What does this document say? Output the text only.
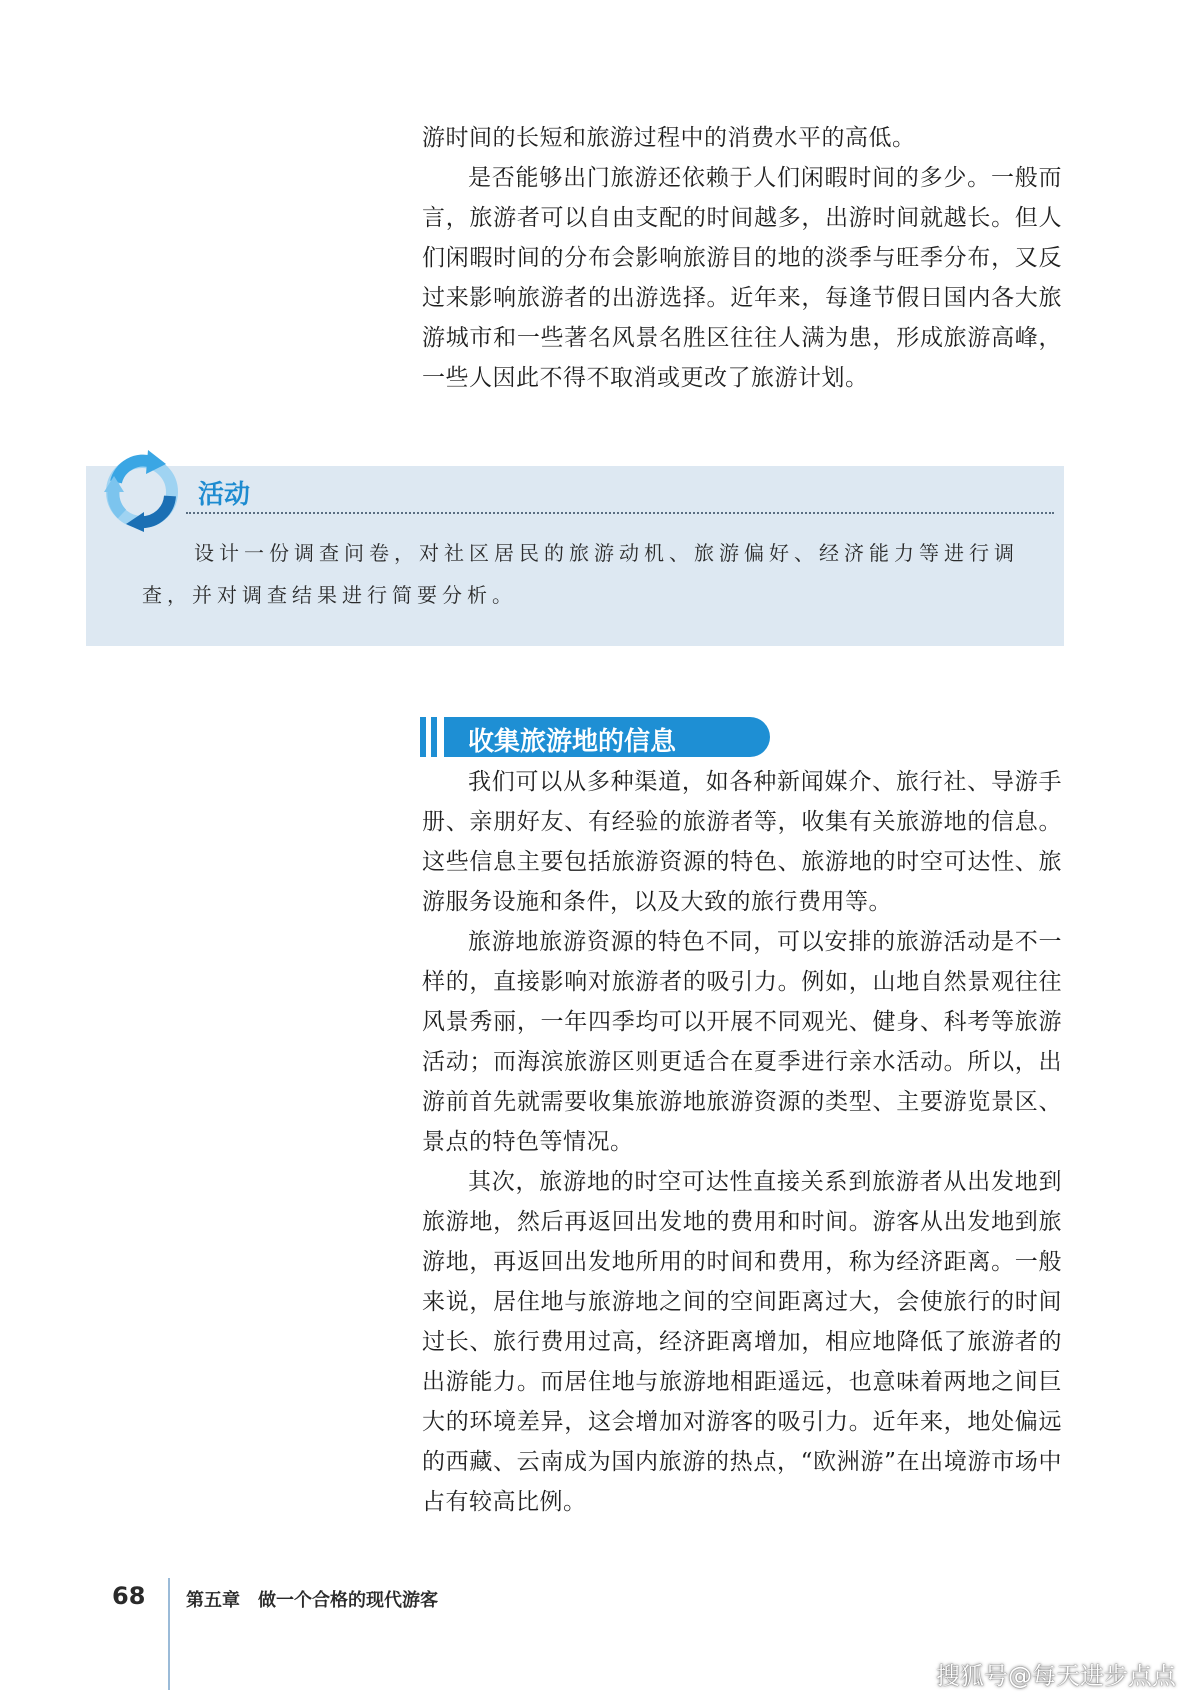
游时间的长短和旅游过程中的消费水平的高低。

是否能够出门旅游还依赖于人们闲暇时间的多少。一般而言，旅游者可以自由支配的时间越多，出游时间就越长。但人们闲暇时间的分布会影响旅游目的地的淡季与旺季分布，又反过来影响旅游者的出游选择。近年来，每逢节假日国内各大旅游城市和一些著名风景名胜区往往人满为患，形成旅游高峰，一些人因此不得不取消或更改了旅游计划。

活动

设计一份调查问卷，对社区居民的旅游动机、旅游偏好、经济能力等进行调查，并对调查结果进行简要分析。

收集旅游地的信息

我们可以从多种渠道，如各种新闻媒介、旅行社、导游手册、亲朋好友、有经验的旅游者等，收集有关旅游地的信息。这些信息主要包括旅游资源的特色、旅游地的时空可达性、旅游服务设施和条件，以及大致的旅行费用等。

旅游地旅游资源的特色不同，可以安排的旅游活动是不一样的，直接影响对旅游者的吸引力。例如，山地自然景观往往风景秀丽，一年四季均可以开展不同观光、健身、科考等旅游活动；而海滨旅游区则更适合在夏季进行亲水活动。所以，出游前首先就需要收集旅游地旅游资源的类型、主要游览景区、景点的特色等情况。

其次，旅游地的时空可达性直接关系到旅游者从出发地到旅游地，然后再返回出发地的费用和时间。游客从出发地到旅游地，再返回出发地所用的时间和费用，称为经济距离。一般来说，居住地与旅游地之间的空间距离过大，会使旅行的时间过长、旅行费用过高，经济距离增加，相应地降低了旅游者的出游能力。而居住地与旅游地相距遥远，也意味着两地之间巨大的环境差异，这会增加对游客的吸引力。近年来，地处偏远的西藏、云南成为国内旅游的热点，“欧洲游”在出境游市场中占有较高比例。

68 第五章　做一个合格的现代游客
搜狐号@每天进步点点
